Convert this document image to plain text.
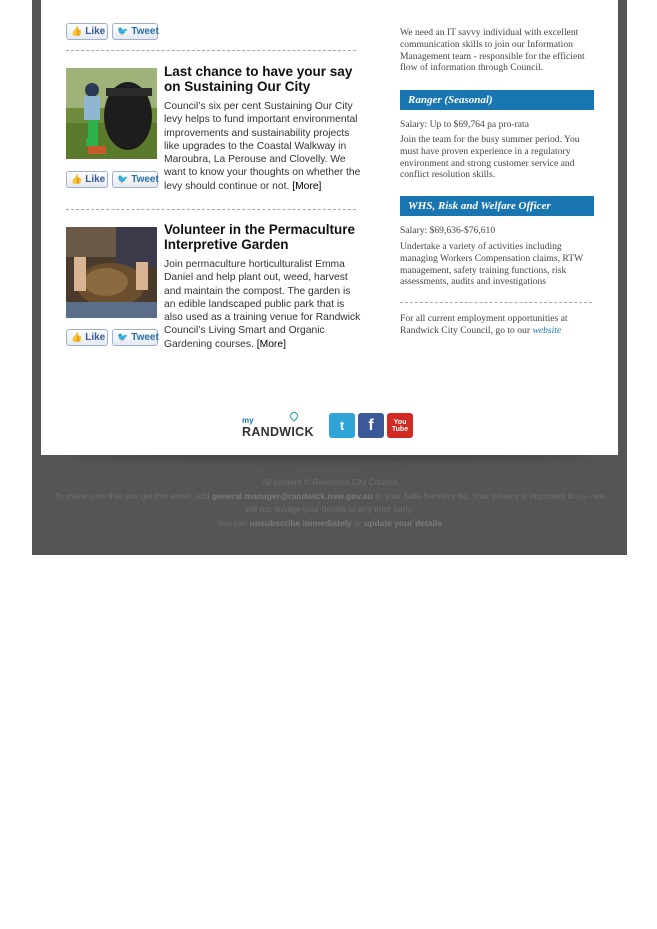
👍 Like 🐦 Tweet
Last chance to have your say on Sustaining Our City

Council’s six per cent Sustaining Our City levy helps to fund important environmental improvements and sustainability projects like upgrades to the Coastal Walkway in Maroubra, La Perouse and Clovelly. We want to know your thoughts on whether the levy should continue or not. [More]

👍 Like 🐦 Tweet
Volunteer in the Permaculture Interpretive Garden

Join permaculture horticulturalist Emma Daniel and help plant out, weed, harvest and maintain the compost. The garden is an edible landscaped public park that is also used as a training venue for Randwick Council’s Living Smart and Organic Gardening courses. [More]

👍 Like 🐦 Tweet

We need an IT savvy individual with excellent communication skills to join our Information Management team - responsible for the efficient flow of information through Council.

Ranger (Seasonal)

Salary: Up to $69,764 pa pro-rata

Join the team for the busy summer period. You must have proven experience in a regulatory environment and strong customer service and conflict resolution skills.

WHS, Risk and Welfare Officer

Salary: $69,636-$76,610

Undertake a variety of activities including managing Workers Compensation claims, RTW management, safety training functions, risk assessments, audits and investigations

For all current employment opportunities at Randwick City Council, go to our website

my
RANDWICK	t	f	You
Tube

All content © Randwick City Council

To make sure that you get this email, add general.manager@randwick.nsw.gov.au to your Safe Senders list. Your privacy is important to us - we

will not divulge your details to any third party.

You can unsubscribe immediately or update your details
